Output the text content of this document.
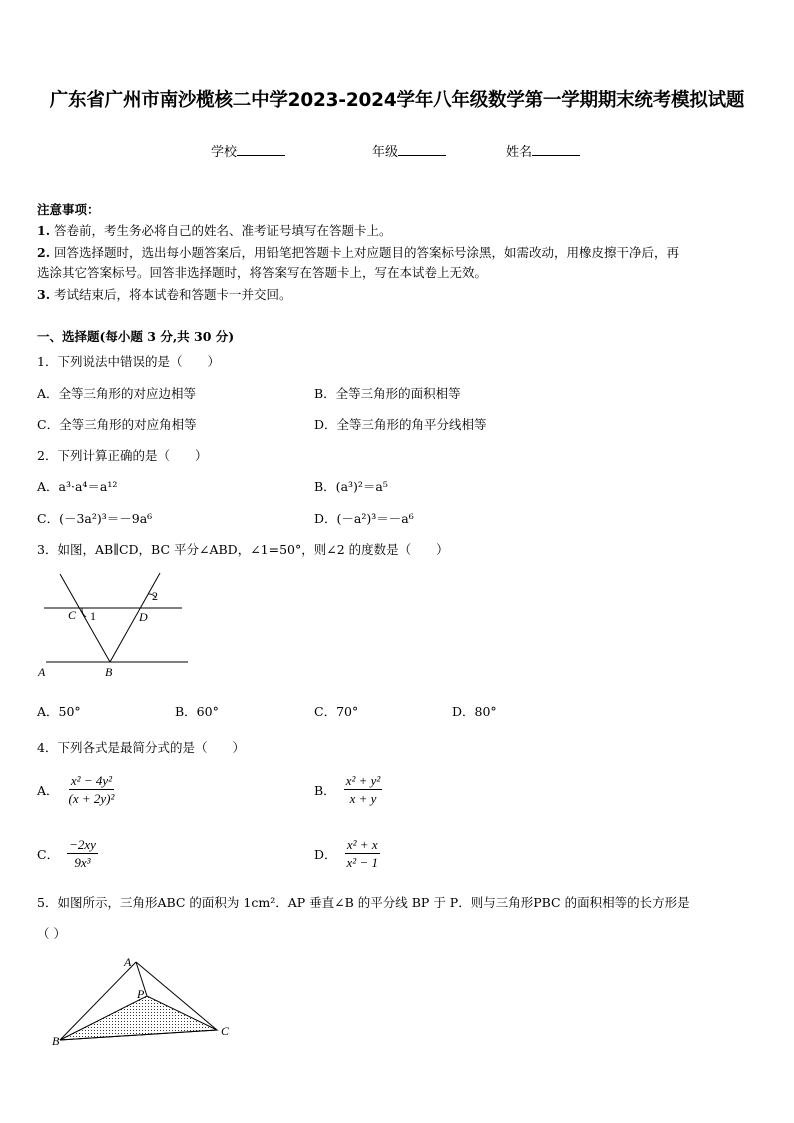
广东省广州市南沙榄核二中学2023-2024学年八年级数学第一学期期末统考模拟试题
学校	年级	姓名
注意事项：
1. 答卷前，考生务必将自己的姓名、准考证号填写在答题卡上。
2. 回答选择题时，选出每小题答案后，用铅笔把答题卡上对应题目的答案标号涂黑，如需改动，用橡皮擦干净后，再
选涂其它答案标号。回答非选择题时，将答案写在答题卡上，写在本试卷上无效。
3. 考试结束后，将本试卷和答题卡一并交回。
一、选择题(每小题 3 分,共 30 分)
1．下列说法中错误的是（　　）
A．全等三角形的对应边相等	B．全等三角形的面积相等
C．全等三角形的对应角相等	D．全等三角形的角平分线相等
2．下列计算正确的是（　　）
A．a³·a⁴＝a¹²	B．(a³)²＝a⁵
C．(－3a²)³＝－9a⁶	D．(－a²)³＝－a⁶
3．如图，AB∥CD，BC 平分∠ABD，∠1=50°，则∠2 的度数是（　　）
C 1	D
2
A	B
A．50°	B．60°	C．70°	D．80°
4．下列各式是最简分式的是（　　）
A． $\frac{\text{x² − 4y²}}{\text{(x + 2y)²}}$	B． $\frac{\text{x² + y²}}{x + y}$
C． $\frac{-2xy}{\text{9x³}}$	D． $\frac{\text{x² + x}}{\text{x² − 1}}$
5．如图所示，三角形ABC 的面积为 1cm²．AP 垂直∠B 的平分线 BP 于 P．则与三角形PBC 的面积相等的长方形是
（ ）
A
P
B
C
